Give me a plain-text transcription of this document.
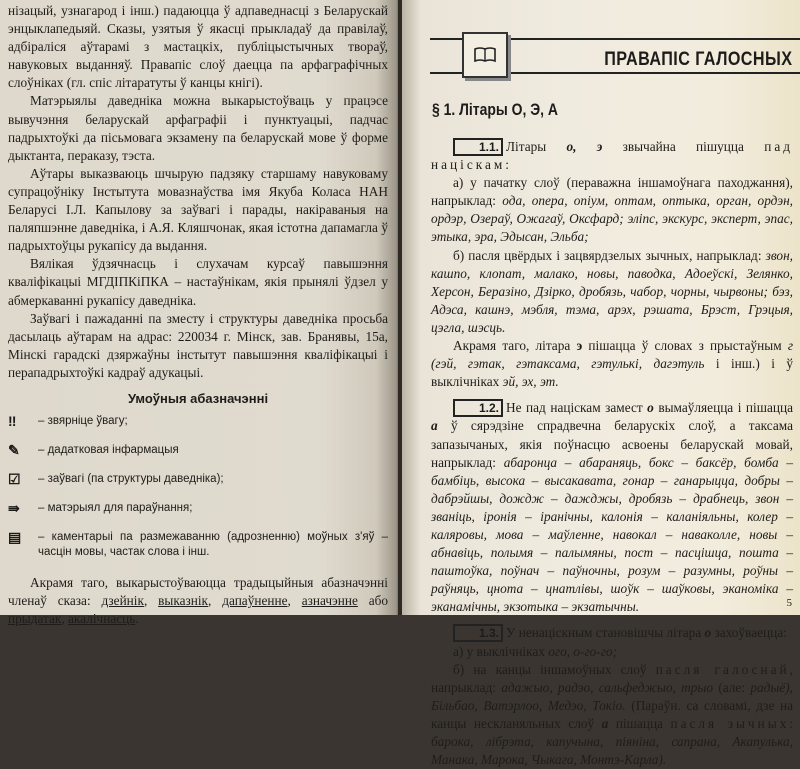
нізацый, узнагарод і інш.) падаюцца ў адпаведнасці з Беларускай энцыклапедыяй. Сказы, узятыя ў якасці прыкладаў да правілаў, адбіраліся аўтарамі з мастацкіх, публіцыстычных твораў, навуковых выданняў. Правапіс слоў даецца па арфаграфічных слоўніках (гл. спіс літаратуты ў канцы кнігі).

Матэрыялы даведніка можна выкарыстоўваць у працэсе вывучэння беларускай арфаграфіі і пунктуацыі, падчас падрыхтоўкі да пісьмовага экзамену па беларускай мове ў форме дыктанта, пераказу, тэста.

Аўтары выказваюць шчырую падзяку старшаму навуковаму супрацоўніку Інстытута мовазнаўства імя Якуба Коласа НАН Беларусі І.Л. Капылову за заўвагі і парады, накіраваныя на паляпшэнне даведніка, і А.Я. Кляшчонак, якая істотна дапамагла ў падрыхтоўцы рукапісу да выдання.

Вялікая ўдзячнасць і слухачам курсаў павышэння кваліфікацыі МГДІПКіПКА – настаўнікам, якія прынялі ўдзел у абмеркаванні рукапісу даведніка.

Заўвагі і пажаданні па зместу і структуры даведніка просьба дасылаць аўтарам на адрас: 220034 г. Мінск, зав. Бранявы, 15а, Мінскі гарадскі дзяржаўны інстытут павышэння кваліфікацыі і перападрыхтоўкі кадраў адукацыі.

Умоўныя абазначэнні
‼	– звярніце ўвагу;
✎	– дадатковая інфармацыя
☑	– заўвагі (па структуры даведніка);
⇛	– матэрыял для параўнання;
▤	– каментарыі па размежаванню (адрозненню) моўных з'яў – часцін мовы, частак слова і інш.

Акрамя таго, выкарыстоўваюцца традыцыйныя абазначэнні членаў сказа: дзейнік, выказнік, дапаўненне, азначэнне або прыдатак, акалічнасць.

5
ПРАВАПІС ГАЛОСНЫХ
§ 1. Літары О, Э, А

1.1. Літары о, э звычайна пішуцца пад націскам:

а) у пачатку слоў (пераважна іншамоўнага паходжання), напрыклад: ода, опера, опіум, оптам, оптыка, орган, ордэн, ордэр, Озераў, Ожагаў, Оксфард; эліпс, экскурс, эксперт, эпас, этыка, эра, Эдысан, Эльба;

б) пасля цвёрдых і зацвярдзелых зычных, напрыклад: звон, кашпо, клопат, малако, новы, паводка, Адоеўскі, Зелянко, Херсон, Беразіно, Дзірко, дробязь, чабор, чорны, чырвоны; бэз, Адэса, кашнэ, мэбля, тэма, арэх, рэшата, Брэст, Грэцыя, цэгла, шэсць.

Акрамя таго, літара э пішацца ў словах з прыстаўным г (гэй, гэтак, гэтаксама, гэтулькі, дагэтуль і інш.) і ў выклічніках эй, эх, эт.

1.2. Не пад націскам замест о вымаўляецца і пішацца а ў сярэдзіне спрадвечна беларускіх слоў, а таксама запазычаных, якія поўнасцю асвоены беларускай мовай, напрыклад: абаронца – абараняць, бокс – баксёр, бомба – бамбіць, высока – высакавата, гонар – ганарыцца, добры – дабрэйшы, дождж – дажджы, дробязь – драбнець, звон – званіць, іронія – іранічны, калонія – каланіяльны, колер – каляровы, мова – маўленне, навокал – наваколле, новы – абнавіць, полымя – палымяны, пост – пасцішца, пошта – паштоўка, поўнач – паўночны, розум – разумны, роўны – раўняць, цнота – цнатлівы, шоўк – шаўковы, эканоміка – эканамічны, экзотыка – экзатычны.

1.3. У ненацiскным становішчы літара о захоўваецца:

а) у выклічніках ого, о-го-го;

б) на канцы іншамоўных слоў пасля галоснай, напрыклад: адажыо, радэо, сальфеджыо, трыо (але: радыё), Більбао, Ватэрлоо, Медэо, Токіо. (Параўн. са словамі, дзе на канцы нескланяльных слоў а пішацца пасля зычных: барока, лібрэта, капучына, піяніна, сапрана, Акапулька, Манака, Марока, Чыкага, Монтэ-Карла).
